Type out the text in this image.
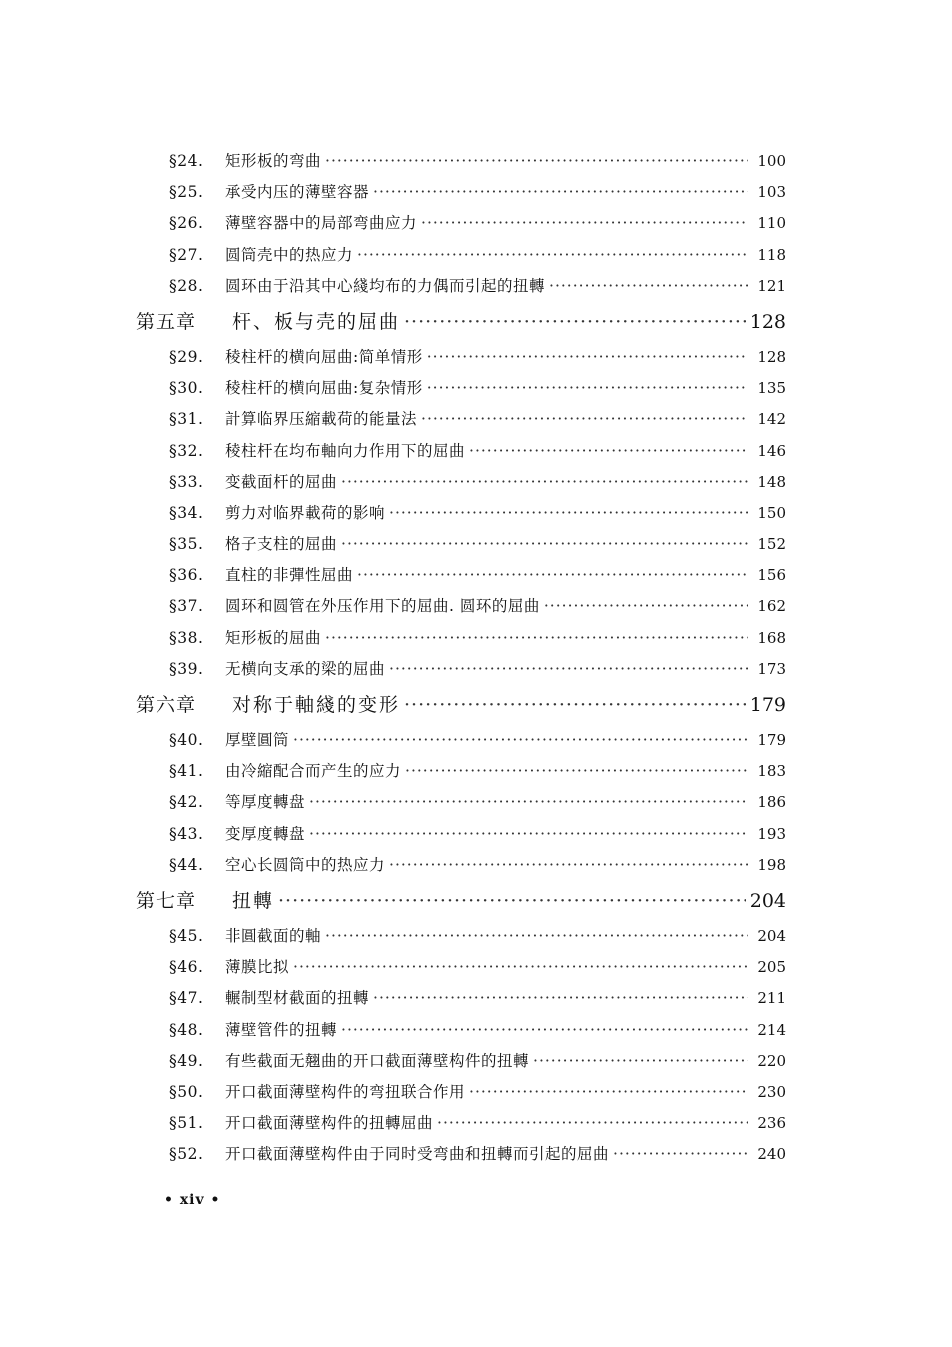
§24.	矩形板的弯曲 ·····	100
§25.	承受内压的薄壁容器 ·····	103
§26.	薄壁容器中的局部弯曲应力 ·····	110
§27.	圆筒壳中的热应力 ·····	118
§28.	圆环由于沿其中心綫均布的力偶而引起的扭轉 ·····	121
第五章	杆、板与壳的屈曲 ·····	128
§29.	稜柱杆的横向屈曲:简单情形 ·····	128
§30.	稜柱杆的横向屈曲:复杂情形 ·····	135
§31.	計算临界压縮載荷的能量法 ·····	142
§32.	稜柱杆在均布軸向力作用下的屈曲 ·····	146
§33.	变截面杆的屈曲 ·····	148
§34.	剪力对临界載荷的影响 ·····	150
§35.	格子支柱的屈曲 ·····	152
§36.	直柱的非彈性屈曲 ·····	156
§37.	圆环和圆管在外压作用下的屈曲. 圆环的屈曲 ·····	162
§38.	矩形板的屈曲 ·····	168
§39.	无横向支承的梁的屈曲 ·····	173
第六章	对称于軸綫的变形 ·····	179
§40.	厚壁圓筒 ·····	179
§41.	由冷縮配合而产生的应力 ·····	183
§42.	等厚度轉盘 ·····	186
§43.	变厚度轉盘 ·····	193
§44.	空心长圆筒中的热应力 ·····	198
第七章	扭轉 ·····	204
§45.	非圓截面的軸 ·····	204
§46.	薄膜比拟 ·····	205
§47.	輾制型材截面的扭轉 ·····	211
§48.	薄壁管件的扭轉 ·····	214
§49.	有些截面无翹曲的开口截面薄壁构件的扭轉 ·····	220
§50.	开口截面薄壁构件的弯扭联合作用 ·····	230
§51.	开口截面薄壁构件的扭轉屈曲 ·····	236
§52.	开口截面薄壁构件由于同时受弯曲和扭轉而引起的屈曲 ·····	240
• xiv •
